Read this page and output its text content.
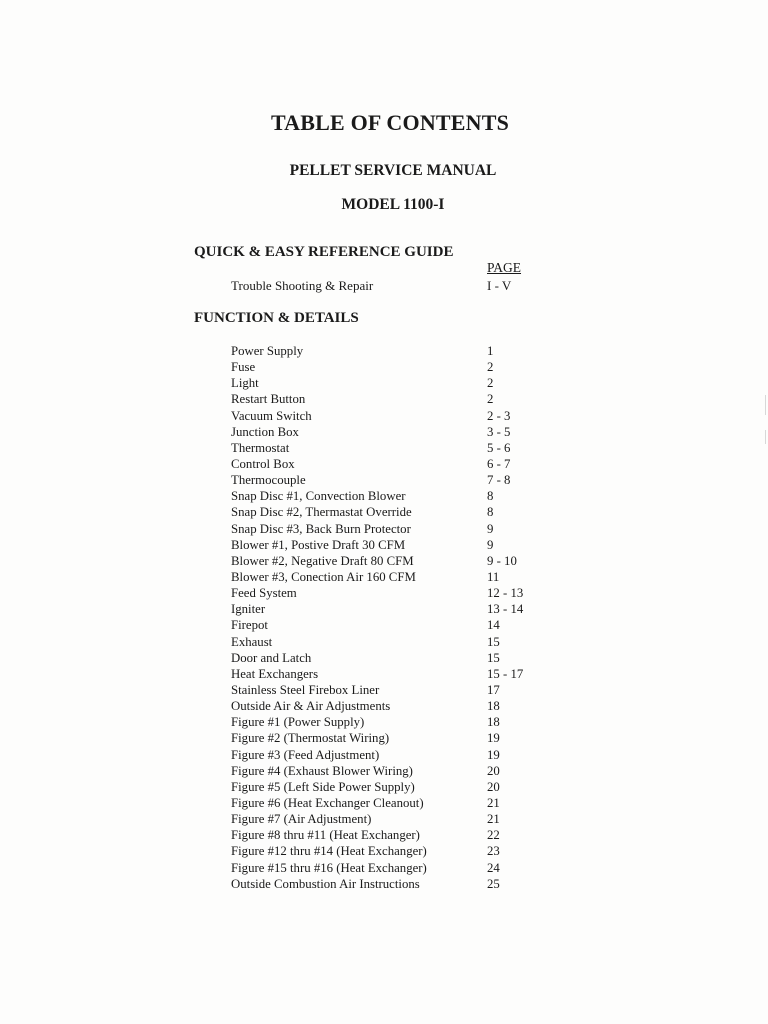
TABLE OF CONTENTS
PELLET SERVICE MANUAL
MODEL 1100-I
QUICK & EASY REFERENCE GUIDE
PAGE
Trouble Shooting & Repair	I - V
FUNCTION & DETAILS
Power Supply	1
Fuse	2
Light	2
Restart Button	2
Vacuum Switch	2 - 3
Junction Box	3 - 5
Thermostat	5 - 6
Control Box	6 - 7
Thermocouple	7 - 8
Snap Disc #1, Convection Blower	8
Snap Disc #2, Thermastat Override	8
Snap Disc #3, Back Burn Protector	9
Blower #1, Postive Draft 30 CFM	9
Blower #2, Negative Draft 80 CFM	9 - 10
Blower #3, Conection Air 160 CFM	11
Feed System	12 - 13
Igniter	13 - 14
Firepot	14
Exhaust	15
Door and Latch	15
Heat Exchangers	15 - 17
Stainless Steel Firebox Liner	17
Outside Air & Air Adjustments	18
Figure #1 (Power Supply)	18
Figure #2 (Thermostat Wiring)	19
Figure #3 (Feed Adjustment)	19
Figure #4 (Exhaust Blower Wiring)	20
Figure #5 (Left Side Power Supply)	20
Figure #6 (Heat Exchanger Cleanout)	21
Figure #7 (Air Adjustment)	21
Figure #8 thru #11 (Heat Exchanger)	22
Figure #12 thru #14 (Heat Exchanger)	23
Figure #15 thru #16 (Heat Exchanger)	24
Outside Combustion Air Instructions	25
